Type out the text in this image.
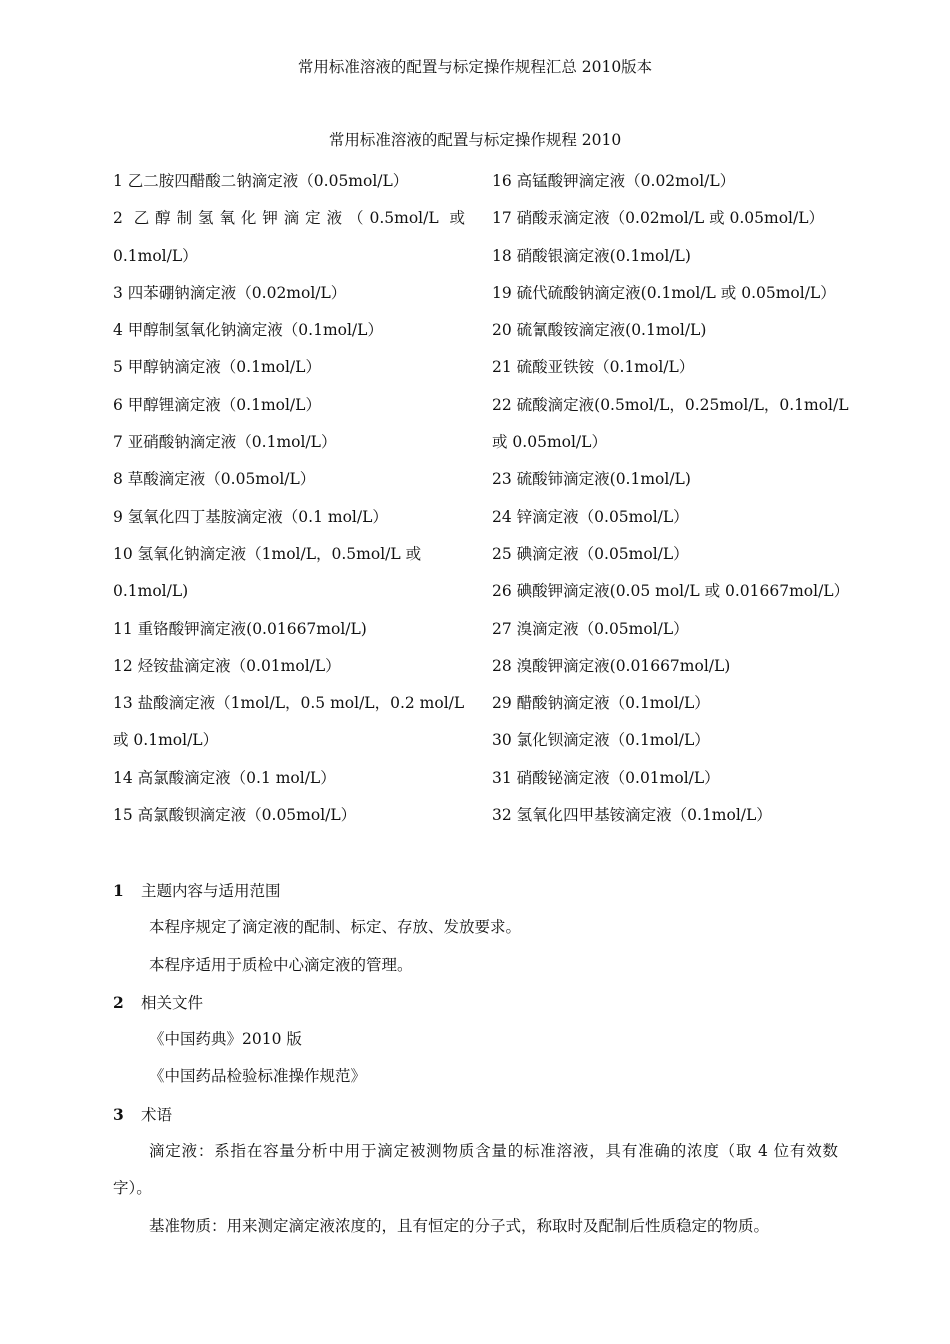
常用标准溶液的配置与标定操作规程汇总 2010版本
常用标准溶液的配置与标定操作规程 2010
1 乙二胺四醋酸二钠滴定液（0.05mol/L）
2 乙醇制氢氧化钾滴定液（0.5mol/L 或
0.1mol/L）
3 四苯硼钠滴定液（0.02mol/L）
4 甲醇制氢氧化钠滴定液（0.1mol/L）
5 甲醇钠滴定液（0.1mol/L）
6 甲醇锂滴定液（0.1mol/L）
7 亚硝酸钠滴定液（0.1mol/L）
8 草酸滴定液（0.05mol/L）
9 氢氧化四丁基胺滴定液（0.1 mol/L）
10 氢氧化钠滴定液（1mol/L，0.5mol/L 或
0.1mol/L)
11 重铬酸钾滴定液(0.01667mol/L)
12 烃铵盐滴定液（0.01mol/L）
13 盐酸滴定液（1mol/L，0.5 mol/L，0.2 mol/L
或 0.1mol/L）
14 高氯酸滴定液（0.1 mol/L）
15 高氯酸钡滴定液（0.05mol/L）
16 高锰酸钾滴定液（0.02mol/L）
17 硝酸汞滴定液（0.02mol/L 或 0.05mol/L）
18 硝酸银滴定液(0.1mol/L)
19 硫代硫酸钠滴定液(0.1mol/L 或 0.05mol/L）
20 硫氰酸铵滴定液(0.1mol/L)
21 硫酸亚铁铵（0.1mol/L）
22 硫酸滴定液(0.5mol/L，0.25mol/L，0.1mol/L
或 0.05mol/L）
23 硫酸铈滴定液(0.1mol/L)
24 锌滴定液（0.05mol/L）
25 碘滴定液（0.05mol/L）
26 碘酸钾滴定液(0.05 mol/L 或 0.01667mol/L）
27 溴滴定液（0.05mol/L）
28 溴酸钾滴定液(0.01667mol/L)
29 醋酸钠滴定液（0.1mol/L）
30 氯化钡滴定液（0.1mol/L）
31 硝酸铋滴定液（0.01mol/L）
32 氢氧化四甲基铵滴定液（0.1mol/L）
1 主题内容与适用范围
本程序规定了滴定液的配制、标定、存放、发放要求。
本程序适用于质检中心滴定液的管理。
2 相关文件
《中国药典》2010 版
《中国药品检验标准操作规范》
3 术语
滴定液：系指在容量分析中用于滴定被测物质含量的标准溶液，具有准确的浓度（取 4 位有效数字）。
基准物质：用来测定滴定液浓度的，且有恒定的分子式，称取时及配制后性质稳定的物质。
